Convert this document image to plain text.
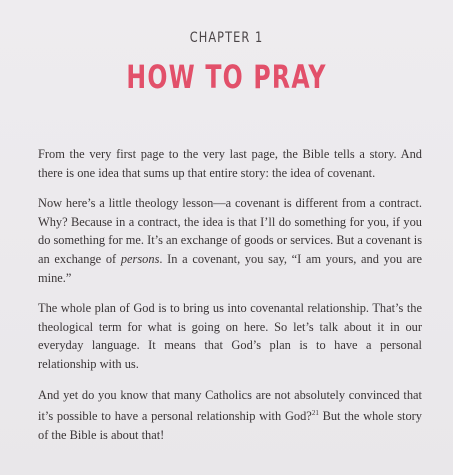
CHAPTER 1
HOW TO PRAY

From the very first page to the very last page, the Bible tells a story. And there is one idea that sums up that entire story: the idea of covenant.

Now here’s a little theology lesson—a covenant is different from a contract. Why? Because in a contract, the idea is that I’ll do something for you, if you do something for me. It’s an exchange of goods or services. But a covenant is an exchange of persons. In a covenant, you say, “I am yours, and you are mine.”

The whole plan of God is to bring us into covenantal relationship. That’s the theological term for what is going on here. So let’s talk about it in our everyday language. It means that God’s plan is to have a personal relationship with us.

And yet do you know that many Catholics are not absolutely convinced that it’s possible to have a personal relationship with God?$^{21}$ But the whole story of the Bible is about that!
